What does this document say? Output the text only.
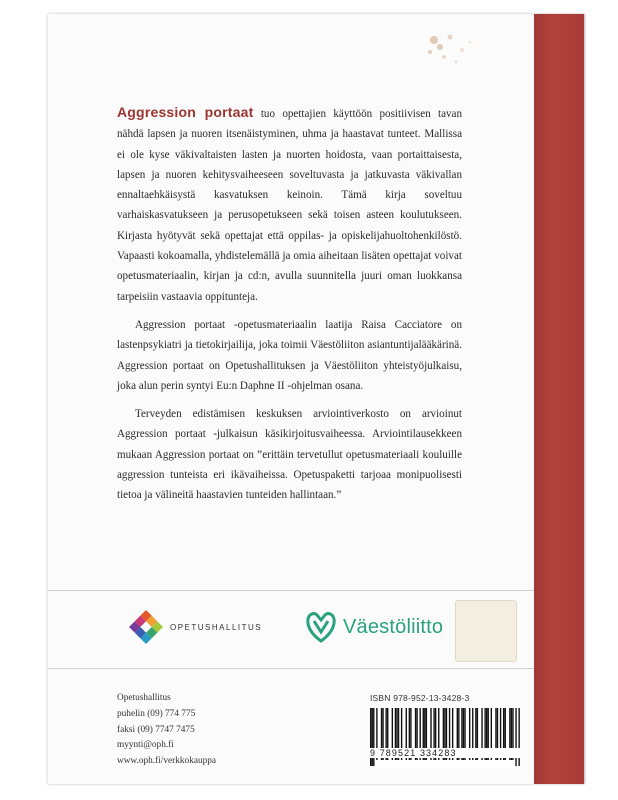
Aggression portaat tuo opettajien käyttöön positiivisen tavan nähdä lapsen ja nuoren itsenäistyminen, uhma ja haastavat tunteet. Mallissa ei ole kyse väkivaltaisten lasten ja nuorten hoidosta, vaan portaittaisesta, lapsen ja nuoren kehitysvaiheeseen soveltuvasta ja jatkuvasta väkivallan ennaltaehkäisystä kasvatuksen keinoin. Tämä kirja soveltuu varhaiskasvatukseen ja perusopetukseen sekä toisen asteen koulutukseen. Kirjasta hyötyvät sekä opettajat että oppilas- ja opiskelijahuoltohenkilöstö. Vapaasti kokoamalla, yhdistelemällä ja omia aiheitaan lisäten opettajat voivat opetusmateriaalin, kirjan ja cd:n, avulla suunnitella juuri oman luokkansa tarpeisiin vastaavia oppitunteja.

Aggression portaat -opetusmateriaalin laatija Raisa Cacciatore on lastenpsykiatri ja tietokirjailija, joka toimii Väestöliiton asiantuntijalääkärinä. Aggression portaat on Opetushallituksen ja Väestöliiton yhteistyöjulkaisu, joka alun perin syntyi Eu:n Daphne II -ohjelman osana.

Terveyden edistämisen keskuksen arviointiverkosto on arvioinut Aggression portaat -julkaisun käsikirjoitusvaiheessa. Arviointilausekkeen mukaan Aggression portaat on ”erittäin tervetullut opetusmateriaali kouluille aggression tunteista eri ikävaiheissa. Opetuspaketti tarjoaa monipuolisesti tietoa ja välineitä haastavien tunteiden hallintaan.”

OPETUSHALLITUS	Väestöliitto
Opetushallitus
puhelin (09) 774 775
faksi (09) 7747 7475
myynti@oph.fi
www.oph.fi/verkkokauppa
ISBN 978-952-13-3428-3
9 789521 334283
